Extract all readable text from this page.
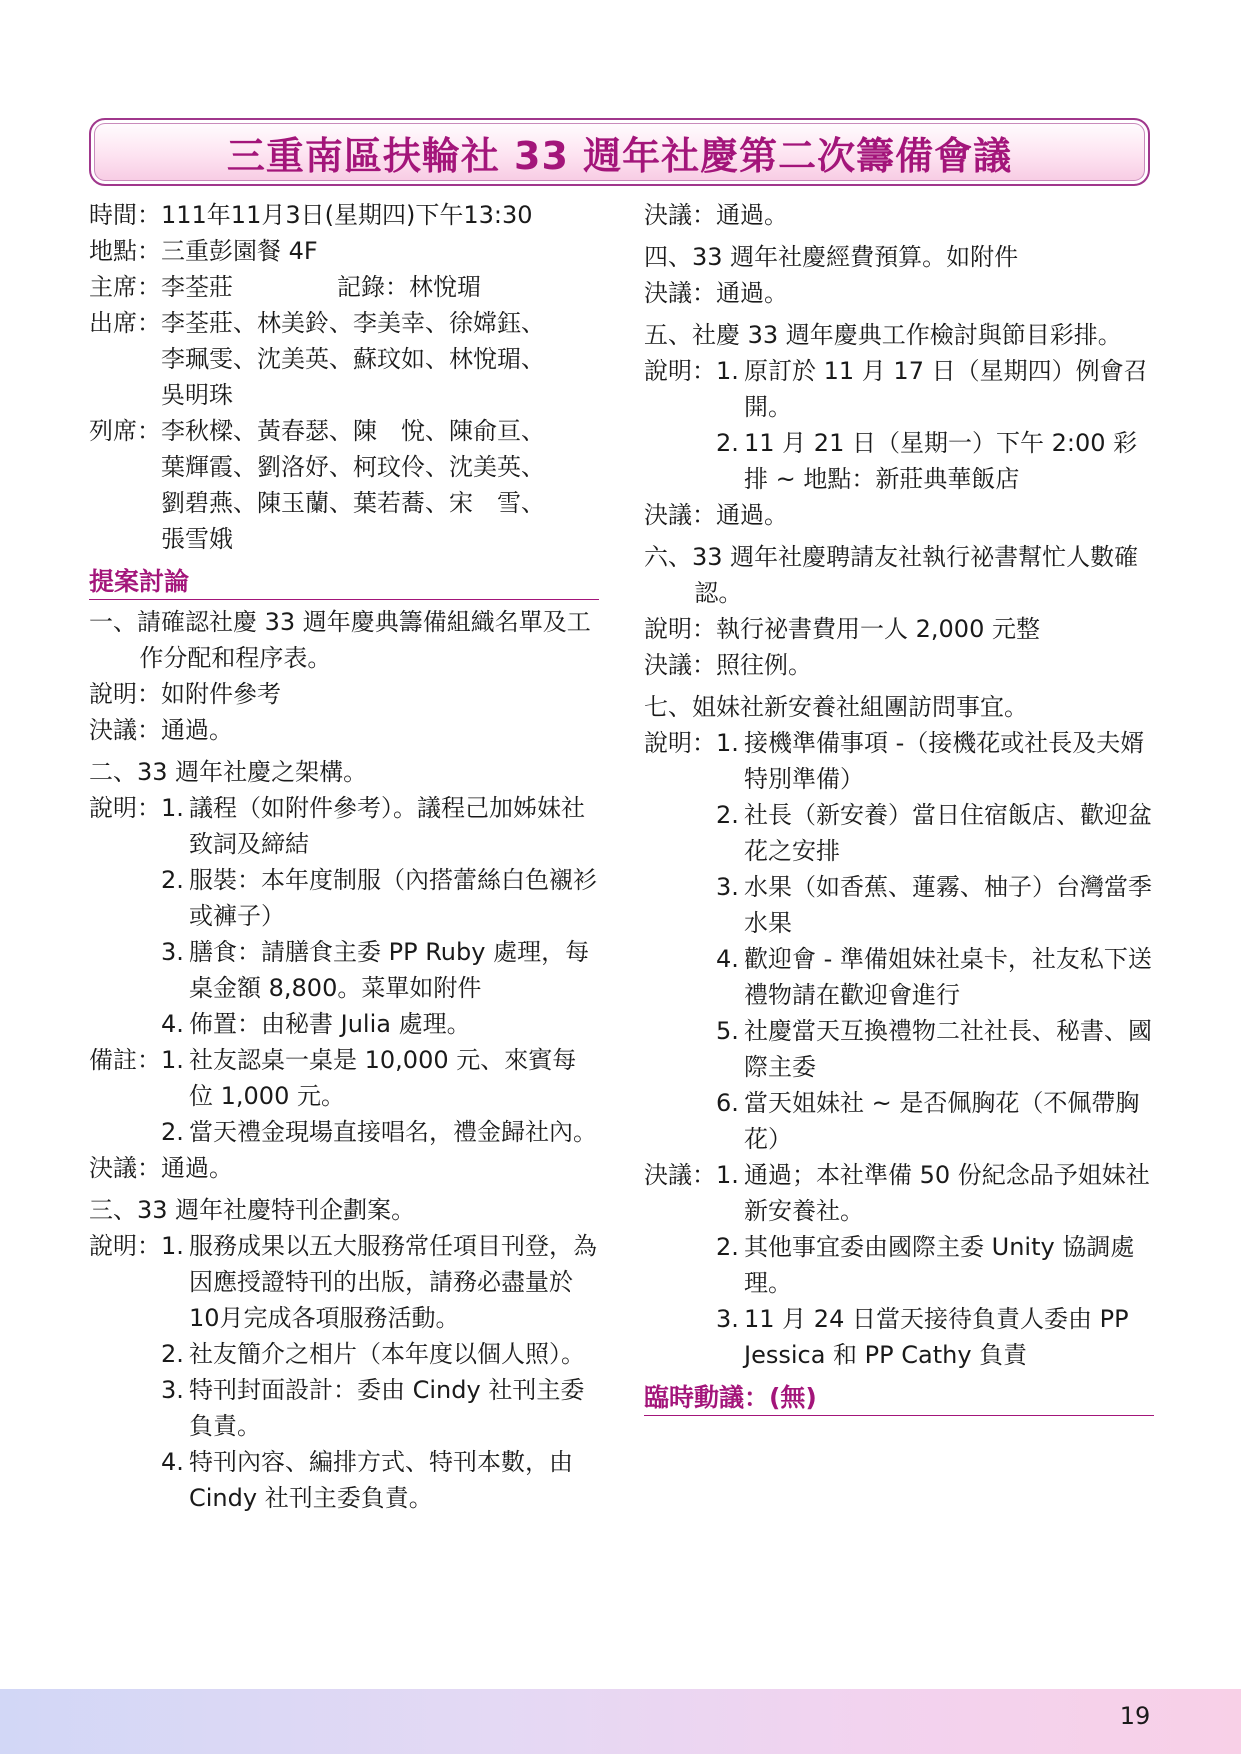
三重南區扶輪社 33 週年社慶第二次籌備會議
時間： 111年11月3日(星期四)下午13:30
地點： 三重彭園餐 4F
主席： 李荃莊	記錄： 林悅瑂
出席： 李荃莊、林美鈴、李美幸、徐嫦鈺、
李珮雯、沈美英、蘇玟如、林悅瑂、
吳明珠
列席： 李秋樑、黃春瑟、陳　悅、陳俞亘、
葉輝霞、劉洛妤、柯玟伶、沈美英、
劉碧燕、陳玉蘭、葉若蕎、宋　雪、
張雪娥
提案討論
一、請確認社慶 33 週年慶典籌備組織名單及工作分配和程序表。
說明： 如附件參考
決議： 通過。
二、33 週年社慶之架構。
說明： 1. 議程（如附件參考）。議程己加姊妹社致詞及締結
2. 服裝：本年度制服（內搭蕾絲白色襯衫或褲子）
3. 膳食：請膳食主委 PP Ruby 處理，每桌金額 8,800。菜單如附件
4. 佈置：由秘書 Julia 處理。
備註： 1. 社友認桌一桌是 10,000 元、來賓每位 1,000 元。
2. 當天禮金現場直接唱名，禮金歸社內。
決議： 通過。
三、33 週年社慶特刊企劃案。
說明： 1. 服務成果以五大服務常任項目刊登，為因應授證特刊的出版，請務必盡量於 10月完成各項服務活動。
2. 社友簡介之相片（本年度以個人照）。
3. 特刊封面設計：委由 Cindy 社刊主委負責。
4. 特刊內容、編排方式、特刊本數，由 Cindy 社刊主委負責。
決議： 通過。
四、33 週年社慶經費預算。如附件
決議： 通過。
五、社慶 33 週年慶典工作檢討與節目彩排。
說明： 1. 原訂於 11 月 17 日（星期四）例會召開。
2. 11 月 21 日（星期一）下午 2:00 彩排 ~ 地點：新莊典華飯店
決議： 通過。
六、33 週年社慶聘請友社執行祕書幫忙人數確認。
說明： 執行祕書費用一人 2,000 元整
決議： 照往例。
七、姐妹社新安養社組團訪問事宜。
說明： 1. 接機準備事項 -（接機花或社長及夫婿特別準備）
2. 社長（新安養）當日住宿飯店、歡迎盆花之安排
3. 水果（如香蕉、蓮霧、柚子）台灣當季水果
4. 歡迎會 - 準備姐妹社桌卡，社友私下送禮物請在歡迎會進行
5. 社慶當天互換禮物二社社長、秘書、國際主委
6. 當天姐妹社 ~ 是否佩胸花（不佩帶胸花）
決議： 1. 通過；本社準備 50 份紀念品予姐妹社新安養社。
2. 其他事宜委由國際主委 Unity 協調處理。
3. 11 月 24 日當天接待負責人委由 PP Jessica 和 PP Cathy 負責
臨時動議：(無)
19
